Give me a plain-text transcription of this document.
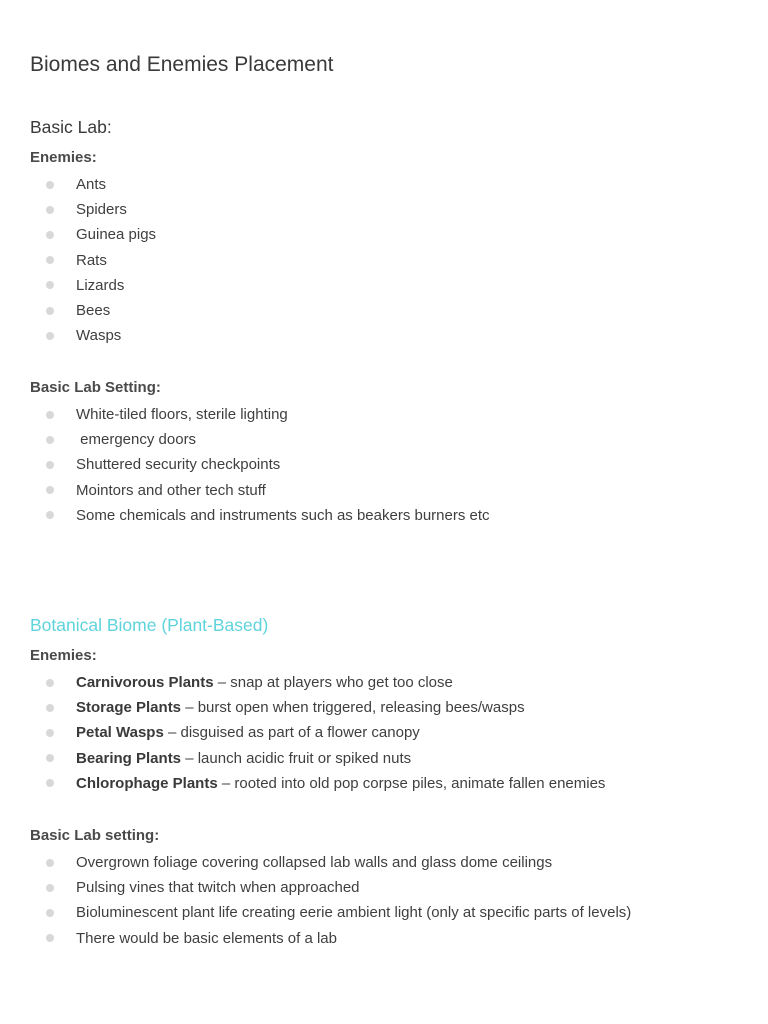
Biomes and Enemies Placement
Basic Lab:
Enemies:
Ants
Spiders
Guinea pigs
Rats
Lizards
Bees
Wasps
Basic Lab Setting:
White-tiled floors, sterile lighting
emergency doors
Shuttered security checkpoints
Mointors and other tech stuff
Some chemicals and instruments such as beakers burners etc
Botanical Biome (Plant-Based)
Enemies:
Carnivorous Plants – snap at players who get too close
Storage Plants – burst open when triggered, releasing bees/wasps
Petal Wasps – disguised as part of a flower canopy
Bearing Plants – launch acidic fruit or spiked nuts
Chlorophage Plants – rooted into old pop corpse piles, animate fallen enemies
Basic Lab setting:
Overgrown foliage covering collapsed lab walls and glass dome ceilings
Pulsing vines that twitch when approached
Bioluminescent plant life creating eerie ambient light (only at specific parts of levels)
There would be basic elements of a lab
